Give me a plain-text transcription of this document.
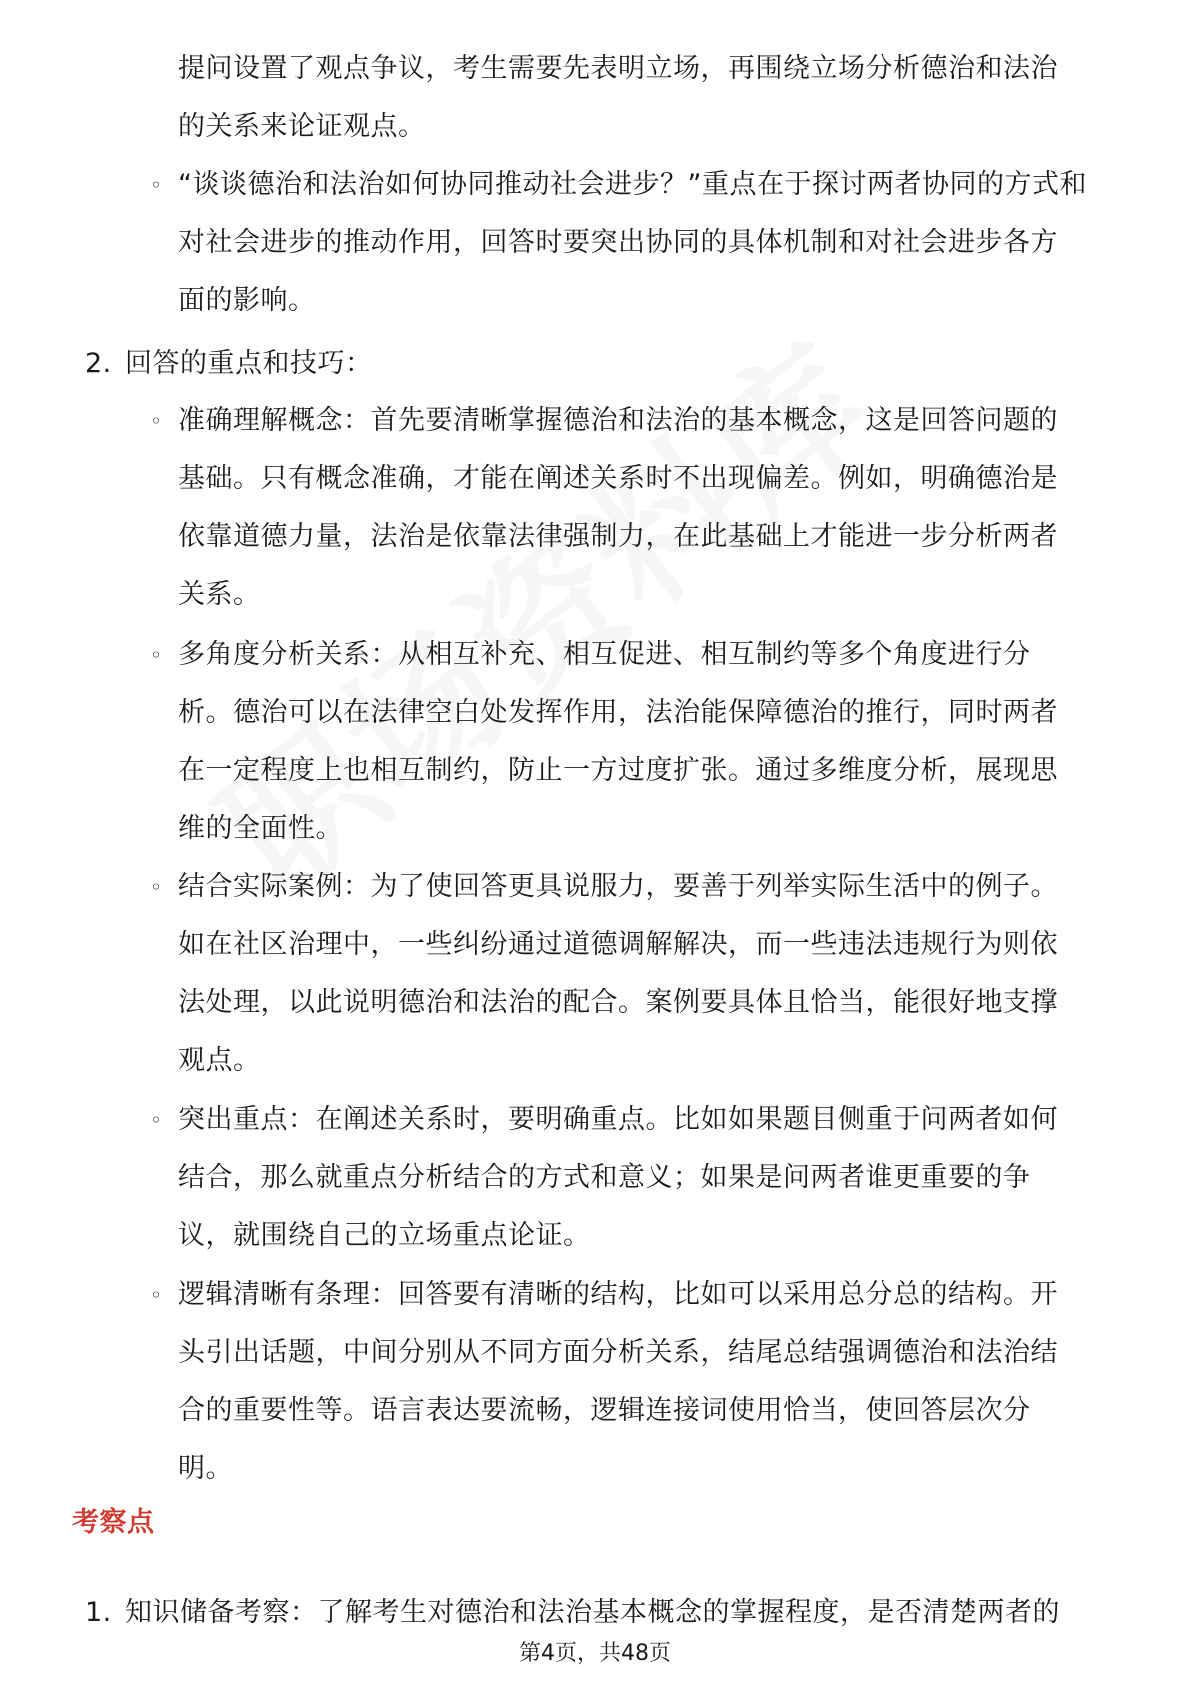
提问设置了观点争议，考生需要先表明立场，再围绕立场分析德治和法治
的关系来论证观点。
◦ “谈谈德治和法治如何协同推动社会进步？”重点在于探讨两者协同的方式和
对社会进步的推动作用，回答时要突出协同的具体机制和对社会进步各方
面的影响。
2. 回答的重点和技巧：
◦ 准确理解概念：首先要清晰掌握德治和法治的基本概念，这是回答问题的
基础。只有概念准确，才能在阐述关系时不出现偏差。例如，明确德治是
依靠道德力量，法治是依靠法律强制力，在此基础上才能进一步分析两者
关系。
◦ 多角度分析关系：从相互补充、相互促进、相互制约等多个角度进行分
析。德治可以在法律空白处发挥作用，法治能保障德治的推行，同时两者
在一定程度上也相互制约，防止一方过度扩张。通过多维度分析，展现思
维的全面性。
◦ 结合实际案例：为了使回答更具说服力，要善于列举实际生活中的例子。
如在社区治理中，一些纠纷通过道德调解解决，而一些违法违规行为则依
法处理，以此说明德治和法治的配合。案例要具体且恰当，能很好地支撑
观点。
◦ 突出重点：在阐述关系时，要明确重点。比如如果题目侧重于问两者如何
结合，那么就重点分析结合的方式和意义；如果是问两者谁更重要的争
议，就围绕自己的立场重点论证。
◦ 逻辑清晰有条理：回答要有清晰的结构，比如可以采用总分总的结构。开
头引出话题，中间分别从不同方面分析关系，结尾总结强调德治和法治结
合的重要性等。语言表达要流畅，逻辑连接词使用恰当，使回答层次分
明。
考察点
1. 知识储备考察：了解考生对德治和法治基本概念的掌握程度，是否清楚两者的
第4页，共48页
